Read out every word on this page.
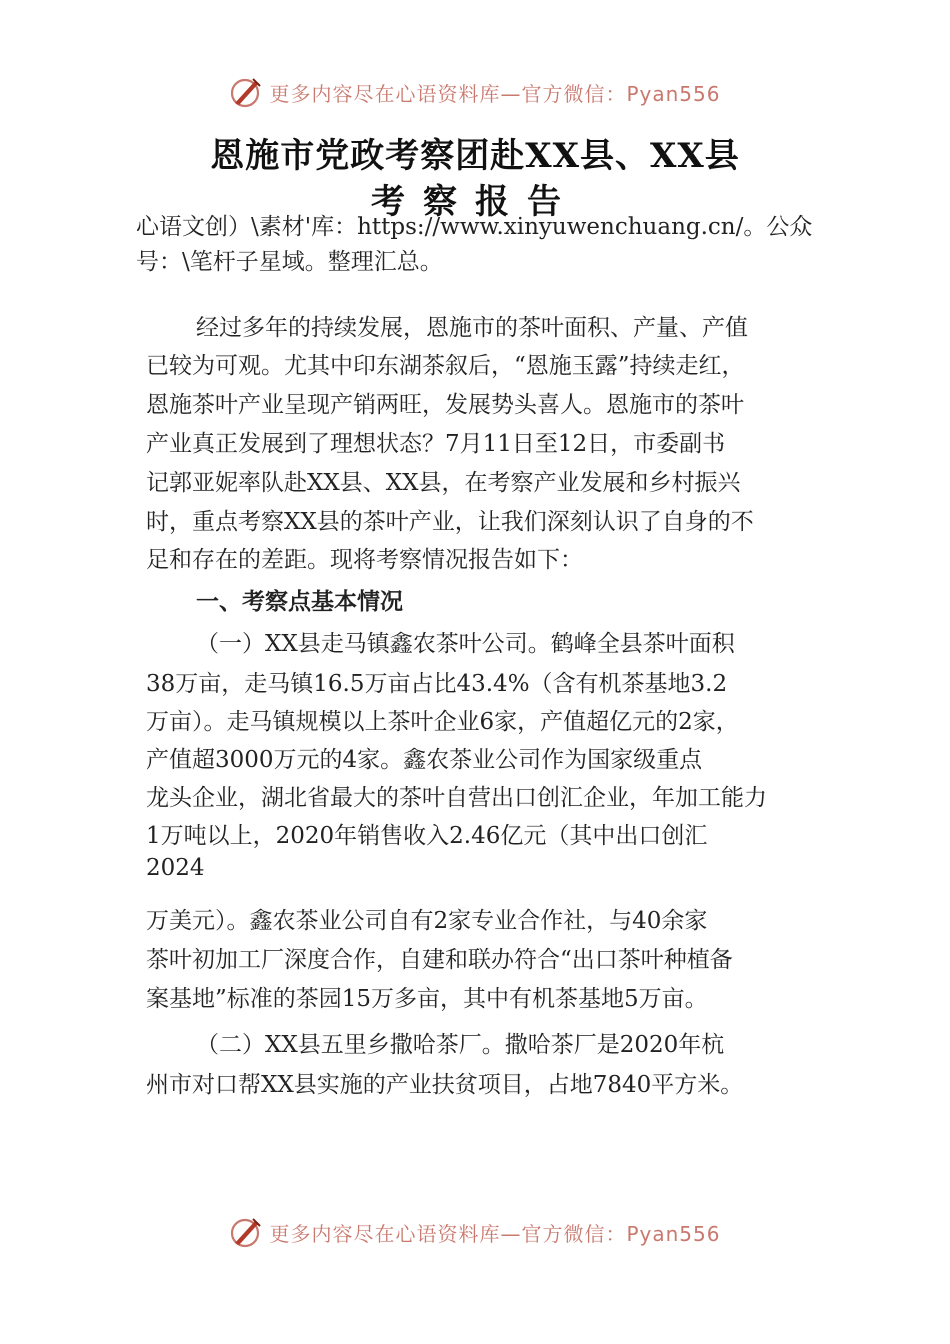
更多内容尽在心语资料库—官方微信：Pyan556
恩施市党政考察团赴XX县、XX县
考察报告
心语文创）\素材'库：https://www.xinyuwenchuang.cn/。公众
号：\笔杆子星域。整理汇总。
经过多年的持续发展，恩施市的茶叶面积、产量、产值
已较为可观。尤其中印东湖茶叙后，“恩施玉露”持续走红，
恩施茶叶产业呈现产销两旺，发展势头喜人。恩施市的茶叶
产业真正发展到了理想状态？7月11日至12日，市委副书
记郭亚妮率队赴XX县、XX县，在考察产业发展和乡村振兴
时，重点考察XX县的茶叶产业，让我们深刻认识了自身的不
足和存在的差距。现将考察情况报告如下：
一、考察点基本情况
（一）XX县走马镇鑫农茶叶公司。鹤峰全县茶叶面积
38万亩，走马镇16.5万亩占比43.4%（含有机茶基地3.2
万亩）。走马镇规模以上茶叶企业6家，产值超亿元的2家，
产值超3000万元的4家。鑫农茶业公司作为国家级重点
龙头企业，湖北省最大的茶叶自营出口创汇企业，年加工能力
1万吨以上，2020年销售收入2.46亿元（其中出口创汇
2024
万美元）。鑫农茶业公司自有2家专业合作社，与40余家
茶叶初加工厂深度合作，自建和联办符合“出口茶叶种植备
案基地”标准的茶园15万多亩，其中有机茶基地5万亩。
（二）XX县五里乡撒哈茶厂。撒哈茶厂是2020年杭
州市对口帮XX县实施的产业扶贫项目，占地7840平方米。
更多内容尽在心语资料库—官方微信：Pyan556
